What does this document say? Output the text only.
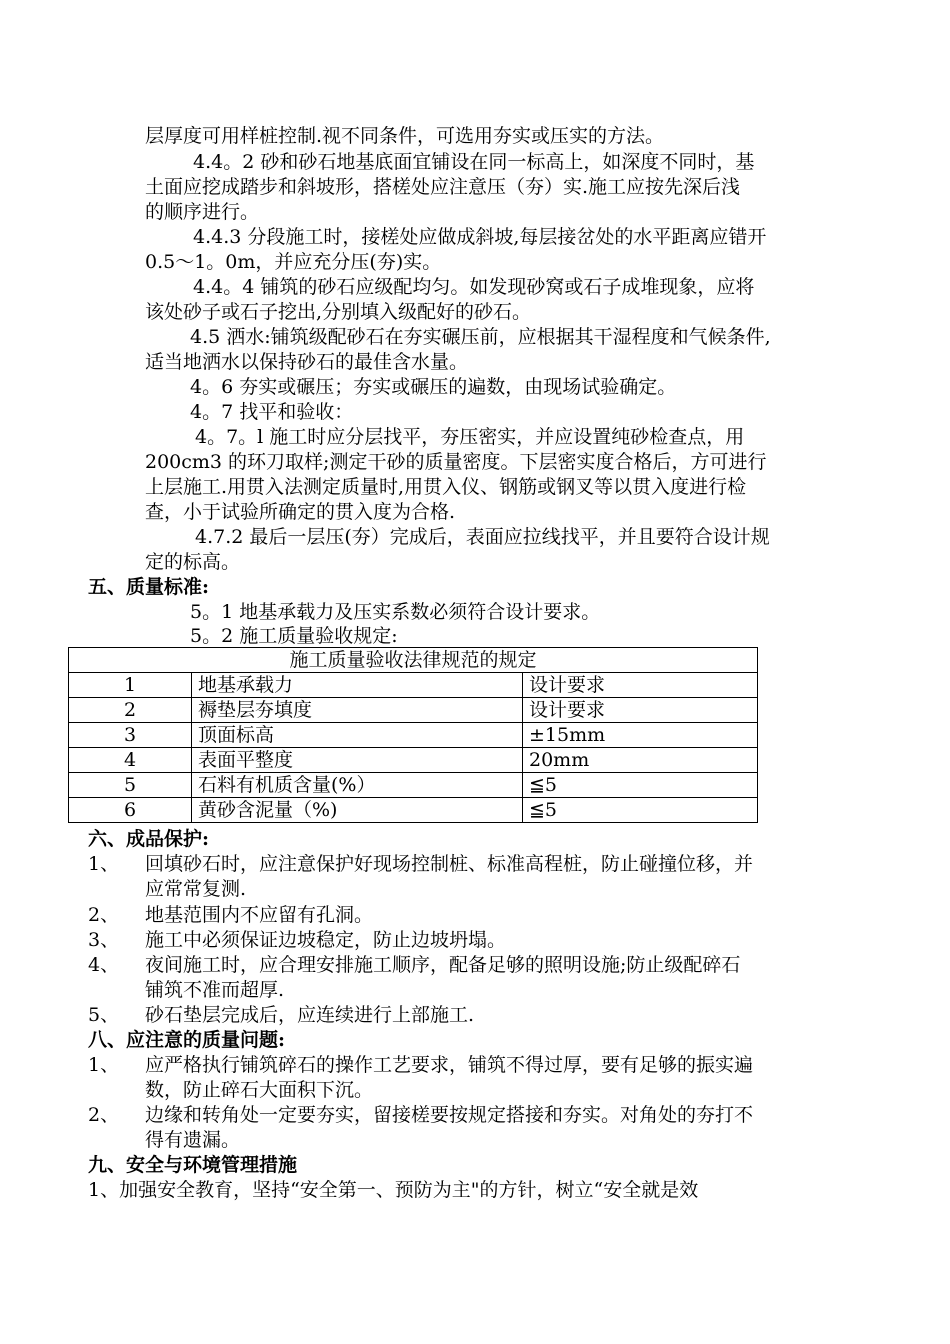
层厚度可用样桩控制.视不同条件，可选用夯实或压实的方法。
4.4。2 砂和砂石地基底面宜铺设在同一标高上，如深度不同时，基
土面应挖成踏步和斜坡形，搭槎处应注意压（夯）实.施工应按先深后浅
的顺序进行。
4.4.3 分段施工时，接槎处应做成斜坡,每层接岔处的水平距离应错开
0.5～1。0m，并应充分压(夯)实。
4.4。4 铺筑的砂石应级配均匀。如发现砂窝或石子成堆现象，应将
该处砂子或石子挖出,分别填入级配好的砂石。
4.5 洒水:铺筑级配砂石在夯实碾压前，应根据其干湿程度和气候条件,
适当地洒水以保持砂石的最佳含水量。
4。6 夯实或碾压；夯实或碾压的遍数，由现场试验确定。
4。7 找平和验收：
4。7。l 施工时应分层找平，夯压密实，并应设置纯砂检查点，用
200cm3 的环刀取样;测定干砂的质量密度。下层密实度合格后，方可进行
上层施工.用贯入法测定质量时,用贯入仪、钢筋或钢叉等以贯入度进行检
查，小于试验所确定的贯入度为合格.
4.7.2 最后一层压(夯）完成后，表面应拉线找平，并且要符合设计规
定的标高。
五、质量标准:
5。1 地基承载力及压实系数必须符合设计要求。
5。2 施工质量验收规定:
施工质量验收法律规范的规定		
1	地基承载力	设计要求
2	褥垫层夯填度	设计要求
3	顶面标高	±15mm
4	表面平整度	20mm
5	石料有机质含量(%）	≦5
6	黄砂含泥量（%)	≦5
六、成品保护:
1、 回填砂石时，应注意保护好现场控制桩、标准高程桩，防止碰撞位移，并
应常常复测.
2、 地基范围内不应留有孔洞。
3、 施工中必须保证边坡稳定，防止边坡坍塌。
4、 夜间施工时，应合理安排施工顺序，配备足够的照明设施;防止级配碎石
铺筑不准而超厚.
5、 砂石垫层完成后，应连续进行上部施工.
八、应注意的质量问题:
1、 应严格执行铺筑碎石的操作工艺要求，铺筑不得过厚，要有足够的振实遍
数，防止碎石大面积下沉。
2、 边缘和转角处一定要夯实，留接槎要按规定搭接和夯实。对角处的夯打不
得有遗漏。
九、安全与环境管理措施
1、加强安全教育，坚持“安全第一、预防为主"的方针，树立“安全就是效
